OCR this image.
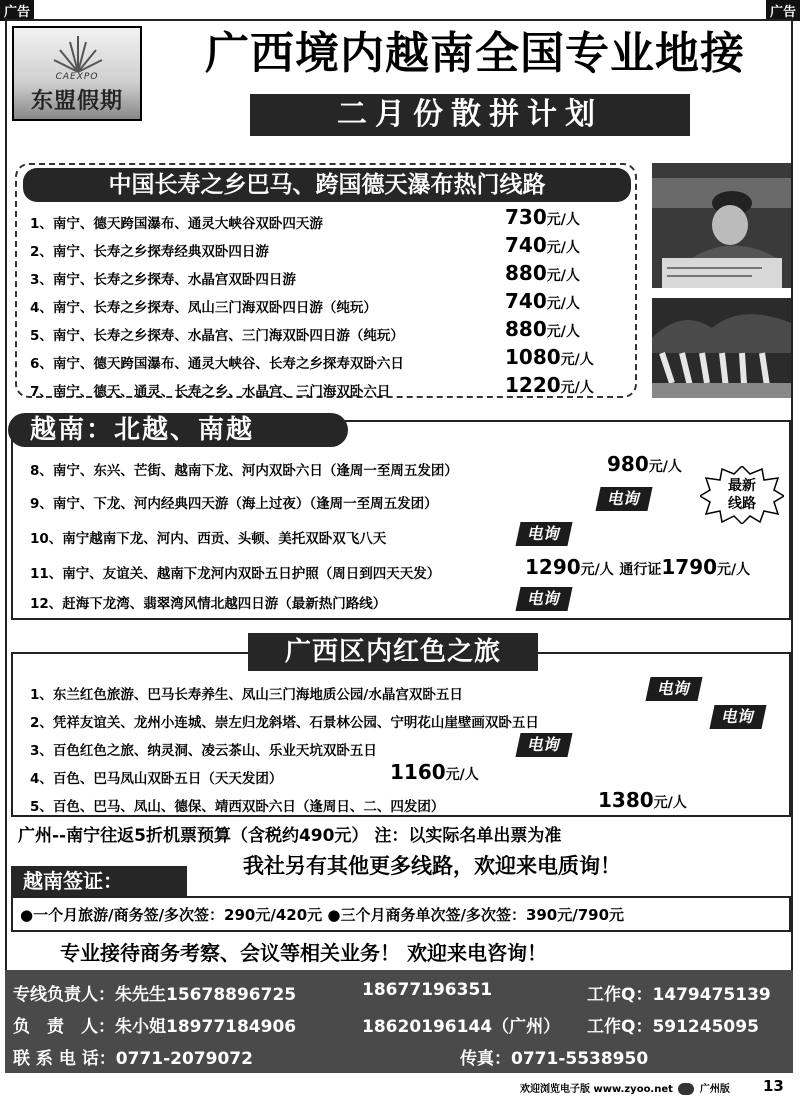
广告	广告
CAEXPO
东盟假期
广西境内越南全国专业地接
二月份散拼计划
中国长寿之乡巴马、跨国德天瀑布热门线路
1、南宁、德天跨国瀑布、通灵大峡谷双卧四天游	730元/人
2、南宁、长寿之乡探寿经典双卧四日游	740元/人
3、南宁、长寿之乡探寿、水晶宫双卧四日游	880元/人
4、南宁、长寿之乡探寿、凤山三门海双卧四日游（纯玩）	740元/人
5、南宁、长寿之乡探寿、水晶宫、三门海双卧四日游（纯玩）	880元/人
6、南宁、德天跨国瀑布、通灵大峡谷、长寿之乡探寿双卧六日	1080元/人
7、南宁、德天、通灵、长寿之乡、水晶宫、三门海双卧六日	1220元/人
越南：北越、南越
8、南宁、东兴、芒街、越南下龙、河内双卧六日（逢周一至周五发团）	980元/人
9、南宁、下龙、河内经典四天游（海上过夜）（逢周一至周五发团）	电询
10、南宁越南下龙、河内、西贡、头顿、美托双卧双飞八天	电询
11、南宁、友谊关、越南下龙河内双卧五日护照（周日到四天天发）	1290元/人 通行证1790元/人
12、赶海下龙湾、翡翠湾风情北越四日游（最新热门路线）	电询
最新线路
广西区内红色之旅
1、东兰红色旅游、巴马长寿养生、凤山三门海地质公园/水晶宫双卧五日	电询
2、凭祥友谊关、龙州小连城、崇左归龙斜塔、石景林公园、宁明花山崖壁画双卧五日	电询
3、百色红色之旅、纳灵洞、凌云茶山、乐业天坑双卧五日	电询
4、百色、巴马凤山双卧五日（天天发团）	1160元/人
5、百色、巴马、凤山、德保、靖西双卧六日（逢周日、二、四发团）	1380元/人
广州--南宁往返5折机票预算（含税约490元） 注：以实际名单出票为准
我社另有其他更多线路，欢迎来电质询！
越南签证：
●一个月旅游/商务签/多次签：290元/420元 ●三个月商务单次签/多次签：390元/790元
专业接待商务考察、会议等相关业务！ 欢迎来电咨询！
专线负责人：朱先生15678896725	18677196351	工作Q：1479475139
负　责　人：朱小姐18977184906	18620196144（广州） 工作Q：591245095
联 系 电 话：0771-2079072	传真：0771-5538950
欢迎浏览电子版 www.zyoo.net	广州版 13
